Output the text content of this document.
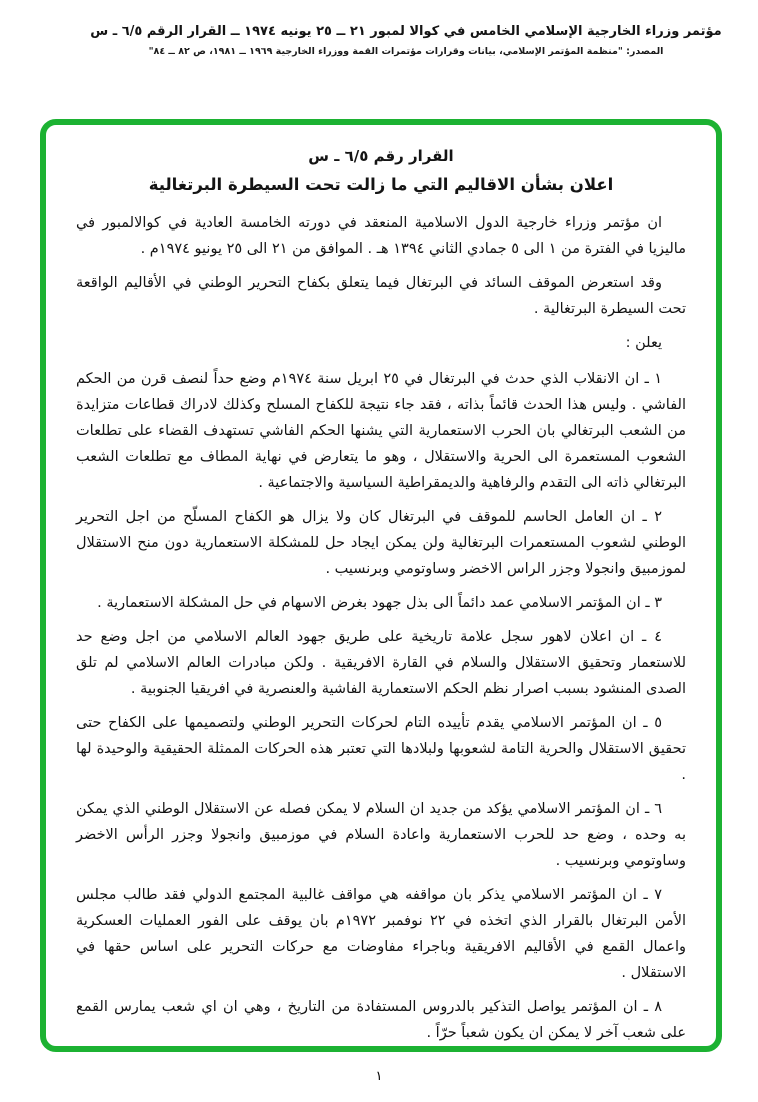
مؤتمر وزراء الخارجية الإسلامي الخامس في كوالا لمبور ٢١ ــ ٢٥ يونيه ١٩٧٤ ــ القرار الرقم ٦/٥ ـ س
المصدر: "منظمة المؤتمر الإسلامي، بيانات وقرارات مؤتمرات القمة ووزراء الخارجية ١٩٦٩ ــ ١٩٨١، ص ٨٢ ــ ٨٤"
القرار رقم ٦/٥ ـ س
اعلان بشأن الاقاليم التي ما زالت تحت السيطرة البرتغالية

ان مؤتمر وزراء خارجية الدول الاسلامية المنعقد في دورته الخامسة العادية في كوالالمبور في ماليزيا في الفترة من ١ الى ٥ جمادي الثاني ١٣٩٤ هـ . الموافق من ٢١ الى ٢٥ يونيو ١٩٧٤م .

وقد استعرض الموقف السائد في البرتغال فيما يتعلق بكفاح التحرير الوطني في الأقاليم الواقعة تحت السيطرة البرتغالية .

يعلن :

١ ـ ان الانقلاب الذي حدث في البرتغال في ٢٥ ابريل سنة ١٩٧٤م وضع حداً لنصف قرن من الحكم الفاشي . وليس هذا الحدث قائماً بذاته ، فقد جاء نتيجة للكفاح المسلح وكذلك لادراك قطاعات متزايدة من الشعب البرتغالي بان الحرب الاستعمارية التي يشنها الحكم الفاشي تستهدف القضاء على تطلعات الشعوب المستعمرة الى الحرية والاستقلال ، وهو ما يتعارض في نهاية المطاف مع تطلعات الشعب البرتغالي ذاته الى التقدم والرفاهية والديمقراطية السياسية والاجتماعية .

٢ ـ ان العامل الحاسم للموقف في البرتغال كان ولا يزال هو الكفاح المسلّح من اجل التحرير الوطني لشعوب المستعمرات البرتغالية ولن يمكن ايجاد حل للمشكلة الاستعمارية دون منح الاستقلال لموزمبيق وانجولا وجزر الراس الاخضر وساوتومي وبرنسيب .

٣ ـ ان المؤتمر الاسلامي عمد دائماً الى بذل جهود بغرض الاسهام في حل المشكلة الاستعمارية .

٤ ـ ان اعلان لاهور سجل علامة تاريخية على طريق جهود العالم الاسلامي من اجل وضع حد للاستعمار وتحقيق الاستقلال والسلام في القارة الافريقية . ولكن مبادرات العالم الاسلامي لم تلق الصدى المنشود بسبب اصرار نظم الحكم الاستعمارية الفاشية والعنصرية في افريقيا الجنوبية .

٥ ـ ان المؤتمر الاسلامي يقدم تأييده التام لحركات التحرير الوطني ولتصميمها على الكفاح حتى تحقيق الاستقلال والحرية التامة لشعوبها ولبلادها التي تعتبر هذه الحركات الممثلة الحقيقية والوحيدة لها .

٦ ـ ان المؤتمر الاسلامي يؤكد من جديد ان السلام لا يمكن فصله عن الاستقلال الوطني الذي يمكن به وحده ، وضع حد للحرب الاستعمارية واعادة السلام في موزمبيق وانجولا وجزر الرأس الاخضر وساوتومي وبرنسيب .

٧ ـ ان المؤتمر الاسلامي يذكر بان مواقفه هي مواقف غالبية المجتمع الدولي فقد طالب مجلس الأمن البرتغال بالقرار الذي اتخذه في ٢٢ نوفمبر ١٩٧٢م بان يوقف على الفور العمليات العسكرية واعمال القمع في الأقاليم الافريقية وباجراء مفاوضات مع حركات التحرير على اساس حقها في الاستقلال .

٨ ـ ان المؤتمر يواصل التذكير بالدروس المستفادة من التاريخ ، وهي ان اي شعب يمارس القمع على شعب آخر لا يمكن ان يكون شعباً حرّاً .

١
